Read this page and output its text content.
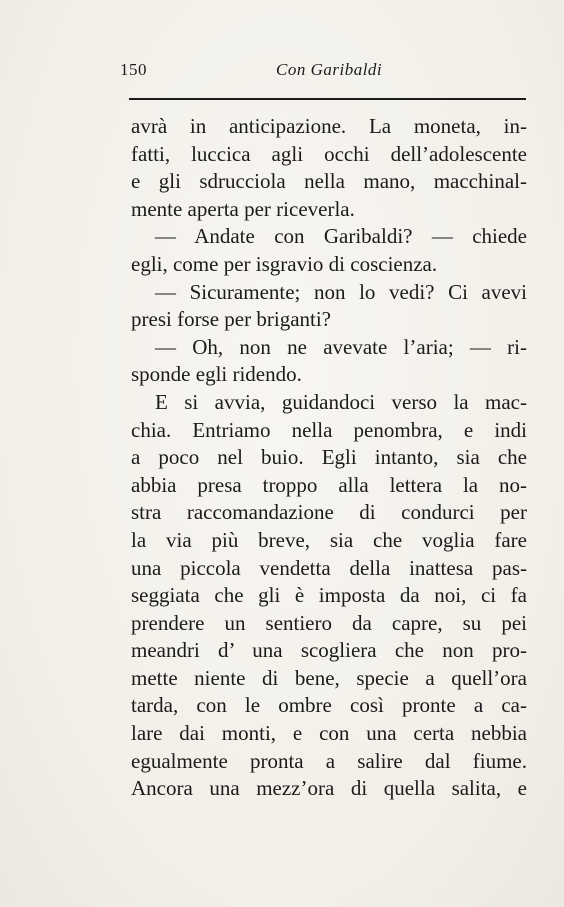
150	Con Garibaldi
avrà in anticipazione. La moneta, in-
fatti, luccica agli occhi dell’adolescente
e gli sdrucciola nella mano, macchinal-
mente aperta per riceverla.
— Andate con Garibaldi? — chiede
egli, come per isgravio di coscienza.
— Sicuramente; non lo vedi? Ci avevi
presi forse per briganti?
— Oh, non ne avevate l’aria; — ri-
sponde egli ridendo.
E si avvia, guidandoci verso la mac-
chia. Entriamo nella penombra, e indi
a poco nel buio. Egli intanto, sia che
abbia presa troppo alla lettera la no-
stra raccomandazione di condurci per
la via più breve, sia che voglia fare
una piccola vendetta della inattesa pas-
seggiata che gli è imposta da noi, ci fa
prendere un sentiero da capre, su pei
meandri d’ una scogliera che non pro-
mette niente di bene, specie a quell’ora
tarda, con le ombre così pronte a ca-
lare dai monti, e con una certa nebbia
egualmente pronta a salire dal fiume.
Ancora una mezz’ora di quella salita, e
